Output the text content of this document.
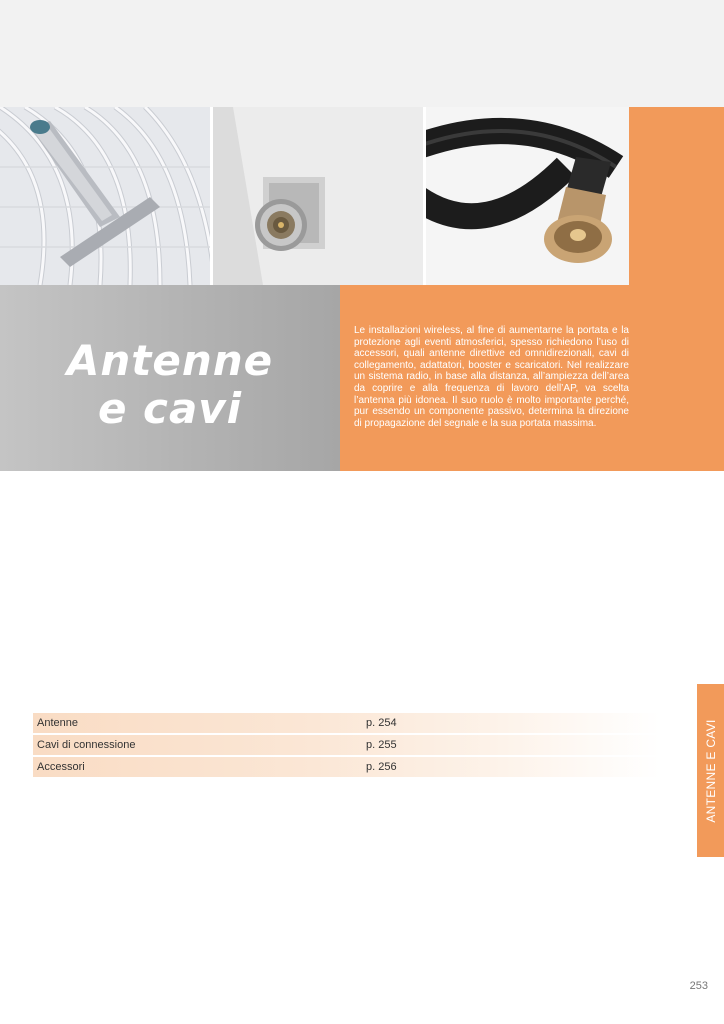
Antenne
e cavi

Le installazioni wireless, al fine di aumentarne la portata e la protezione agli eventi atmosferici, spesso richiedono l’uso di accessori, quali antenne direttive ed omnidirezionali, cavi di collegamento, adattatori, booster e scaricatori. Nel realizzare un sistema radio, in base alla distanza, all’ampiezza dell’area da coprire e alla frequenza di lavoro dell’AP, va scelta l’antenna più idonea. Il suo ruolo è molto importante perché, pur essendo un componente passivo, determina la direzione di propagazione del segnale e la sua portata massima.

Antenne	p. 254
Cavi di connessione	p. 255
Accessori	p. 256	ANTENNE E CAVI
253
